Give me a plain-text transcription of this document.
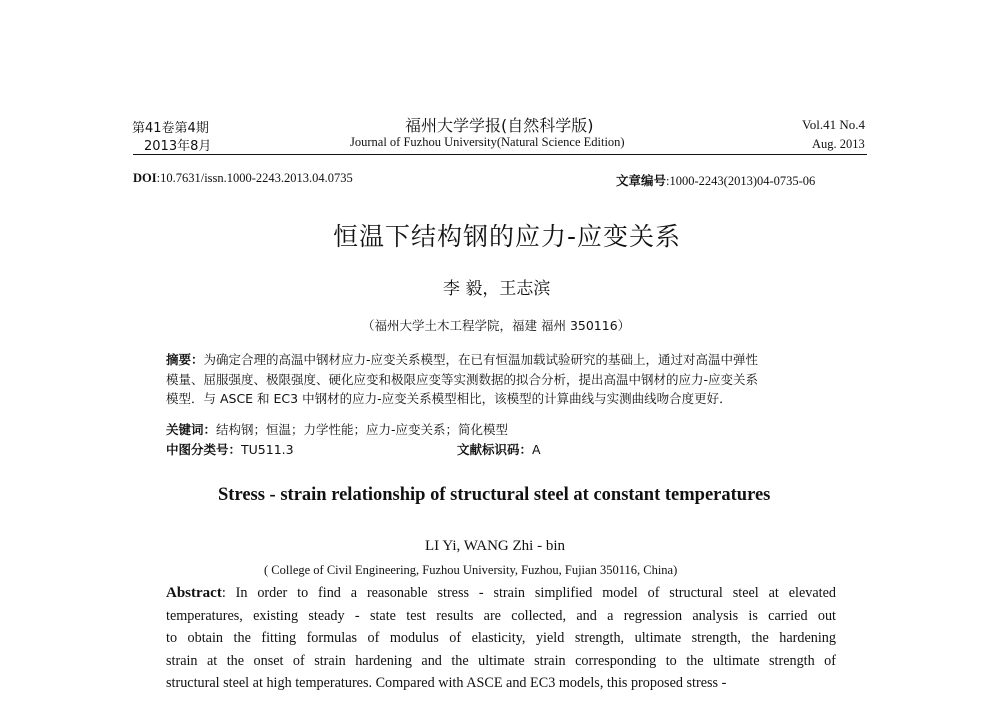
第41卷第4期
2013年8月
福州大学学报(自然科学版)
Journal of Fuzhou University(Natural Science Edition)
Vol.41 No.4
Aug. 2013
DOI:10.7631/issn.1000-2243.2013.04.0735	文章编号:1000-2243(2013)04-0735-06
恒温下结构钢的应力-应变关系
李 毅，王志滨
（福州大学土木工程学院，福建 福州 350116）
摘要：为确定合理的高温中钢材应力-应变关系模型，在已有恒温加载试验研究的基础上，通过对高温中弹性
模量、屈服强度、极限强度、硬化应变和极限应变等实测数据的拟合分析，提出高温中钢材的应力-应变关系
模型．与 ASCE 和 EC3 中钢材的应力-应变关系模型相比，该模型的计算曲线与实测曲线吻合度更好．
关键词：结构钢；恒温；力学性能；应力-应变关系；简化模型
中图分类号：TU511.3	文献标识码：A
Stress - strain relationship of structural steel at constant temperatures
LI Yi, WANG Zhi - bin
( College of Civil Engineering, Fuzhou University, Fuzhou, Fujian 350116, China)
Abstract: In order to find a reasonable stress - strain simplified model of structural steel at elevated
temperatures, existing steady - state test results are collected, and a regression analysis is carried out
to obtain the fitting formulas of modulus of elasticity, yield strength, ultimate strength, the hardening
strain at the onset of strain hardening and the ultimate strain corresponding to the ultimate strength of
structural steel at high temperatures. Compared with ASCE and EC3 models, this proposed stress -
